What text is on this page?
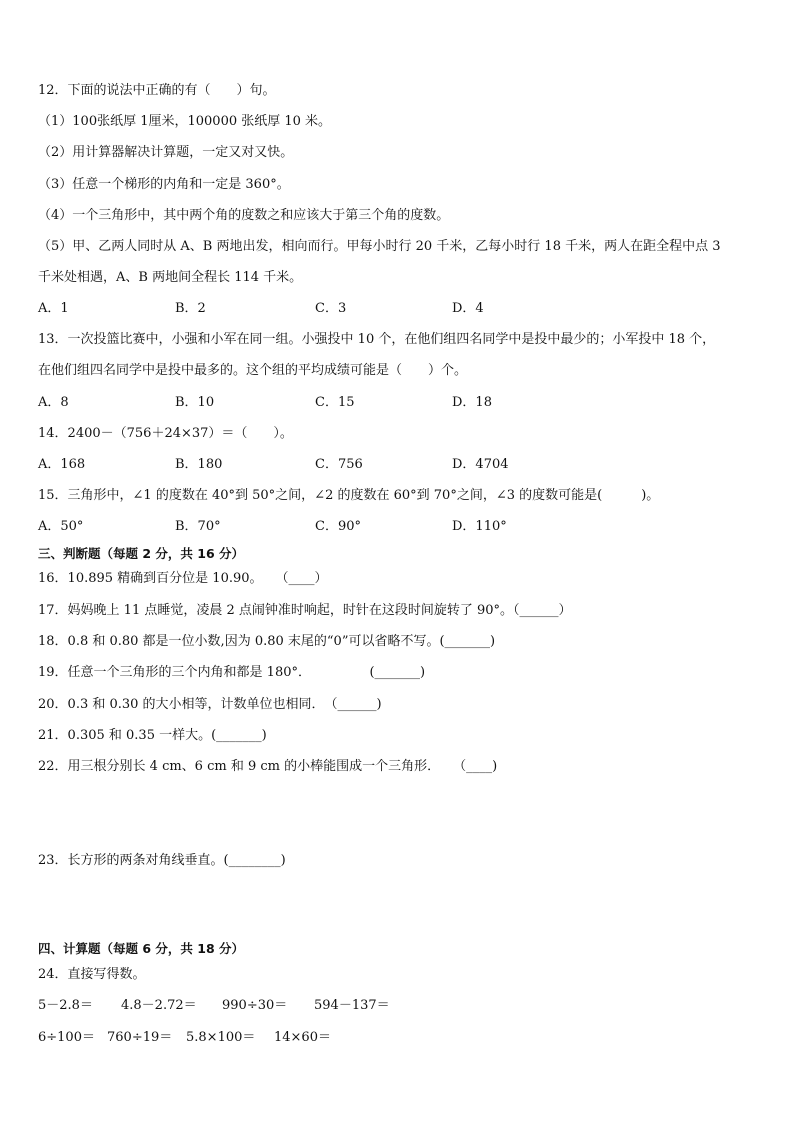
12．下面的说法中正确的有（　　）句。
（1）100张纸厚 1厘米，100000 张纸厚 10 米。
（2）用计算器解决计算题，一定又对又快。
（3）任意一个梯形的内角和一定是 360°。
（4）一个三角形中，其中两个角的度数之和应该大于第三个角的度数。
（5）甲、乙两人同时从 A、B 两地出发，相向而行。甲每小时行 20 千米，乙每小时行 18 千米，两人在距全程中点 3
千米处相遇，A、B 两地间全程长 114 千米。
A．1	B．2	C．3	D．4
13．一次投篮比赛中，小强和小军在同一组。小强投中 10 个，在他们组四名同学中是投中最少的；小军投中 18 个，
在他们组四名同学中是投中最多的。这个组的平均成绩可能是（　　）个。
A．8	B．10	C．15	D．18
14．2400－（756＋24×37）＝（　　）。
A．168	B．180	C．756	D．4704
15．三角形中，∠1 的度数在 40°到 50°之间，∠2 的度数在 60°到 70°之间，∠3 的度数可能是(　　　)。
A．50°	B．70°	C．90°	D．110°
三、判断题（每题 2 分，共 16 分）
16．10.895 精确到百分位是 10.90。　　（____）
17．妈妈晚上 11 点睡觉，凌晨 2 点闹钟准时响起，时针在这段时间旋转了 90°。（______）
18．0.8 和 0.80 都是一位小数,因为 0.80 末尾的“0”可以省略不写。(_______)
19．任意一个三角形的三个内角和都是 180°．　　　　　(_______)
20．0.3 和 0.30 的大小相等，计数单位也相同．　（______)
21．0.305 和 0.35 一样大。(_______)
22．用三根分别长 4 cm、6 cm 和 9 cm 的小棒能围成一个三角形．　　（____)
23．长方形的两条对角线垂直。(________)
四、计算题（每题 6 分，共 18 分）
24．直接写得数。
5－2.8＝ 4.8－2.72＝ 990÷30＝ 594－137＝
6÷100＝ 760÷19＝ 5.8×100＝ 14×60＝
